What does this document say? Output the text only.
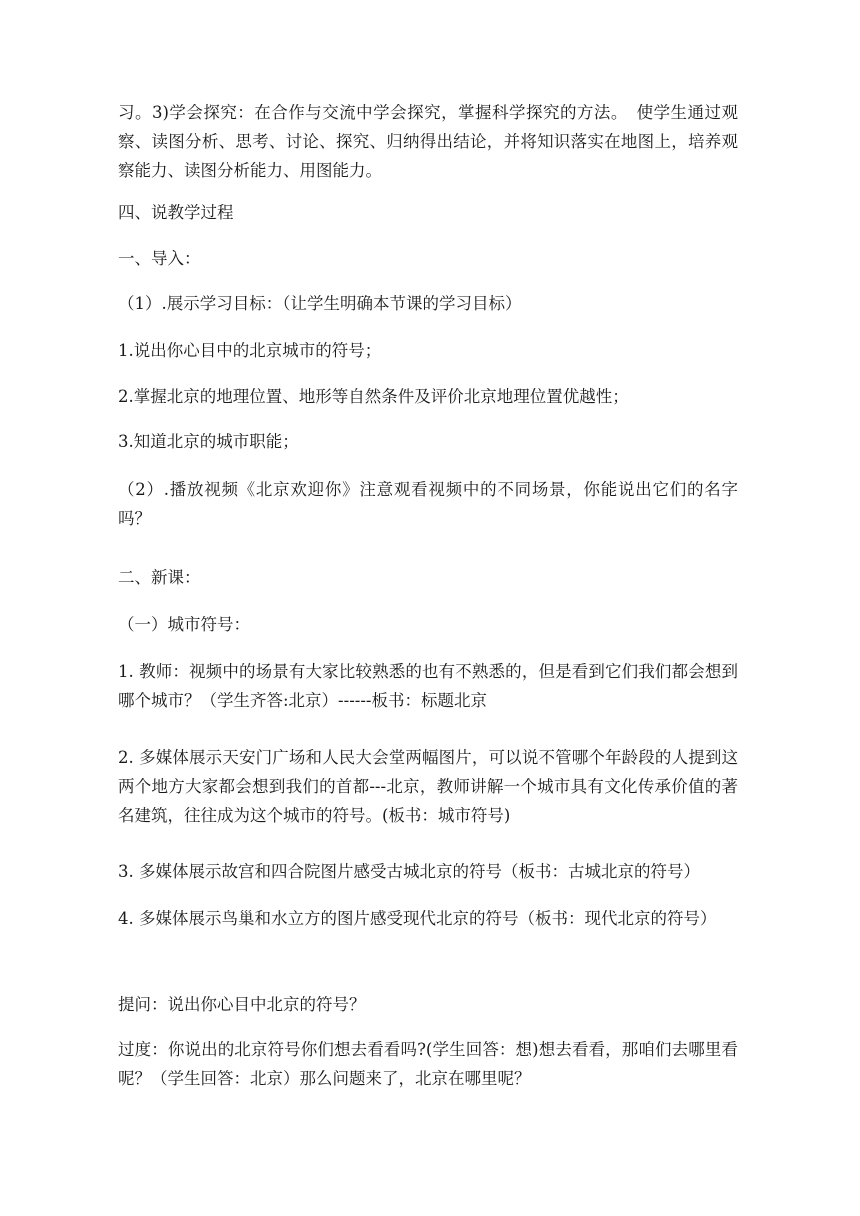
习。3)学会探究：在合作与交流中学会探究，掌握科学探究的方法。　使学生通过观察、读图分析、思考、讨论、探究、归纳得出结论，并将知识落实在地图上，培养观察能力、读图分析能力、用图能力。

四、说教学过程

一、导入：

（1）.展示学习目标：（让学生明确本节课的学习目标）

1.说出你心目中的北京城市的符号；

2.掌握北京的地理位置、地形等自然条件及评价北京地理位置优越性；

3.知道北京的城市职能；

（2）.播放视频《北京欢迎你》注意观看视频中的不同场景，你能说出它们的名字吗？

二、新课：

（一）城市符号：

1. 教师：视频中的场景有大家比较熟悉的也有不熟悉的，但是看到它们我们都会想到哪个城市？（学生齐答:北京）------板书：标题北京

2. 多媒体展示天安门广场和人民大会堂两幅图片，可以说不管哪个年龄段的人提到这两个地方大家都会想到我们的首都---北京，教师讲解一个城市具有文化传承价值的著名建筑，往往成为这个城市的符号。(板书：城市符号)

3. 多媒体展示故宫和四合院图片感受古城北京的符号（板书：古城北京的符号）

4. 多媒体展示鸟巢和水立方的图片感受现代北京的符号（板书：现代北京的符号）

提问：说出你心目中北京的符号？

过度：你说出的北京符号你们想去看看吗?(学生回答：想)想去看看，那咱们去哪里看呢？（学生回答：北京）那么问题来了，北京在哪里呢？
